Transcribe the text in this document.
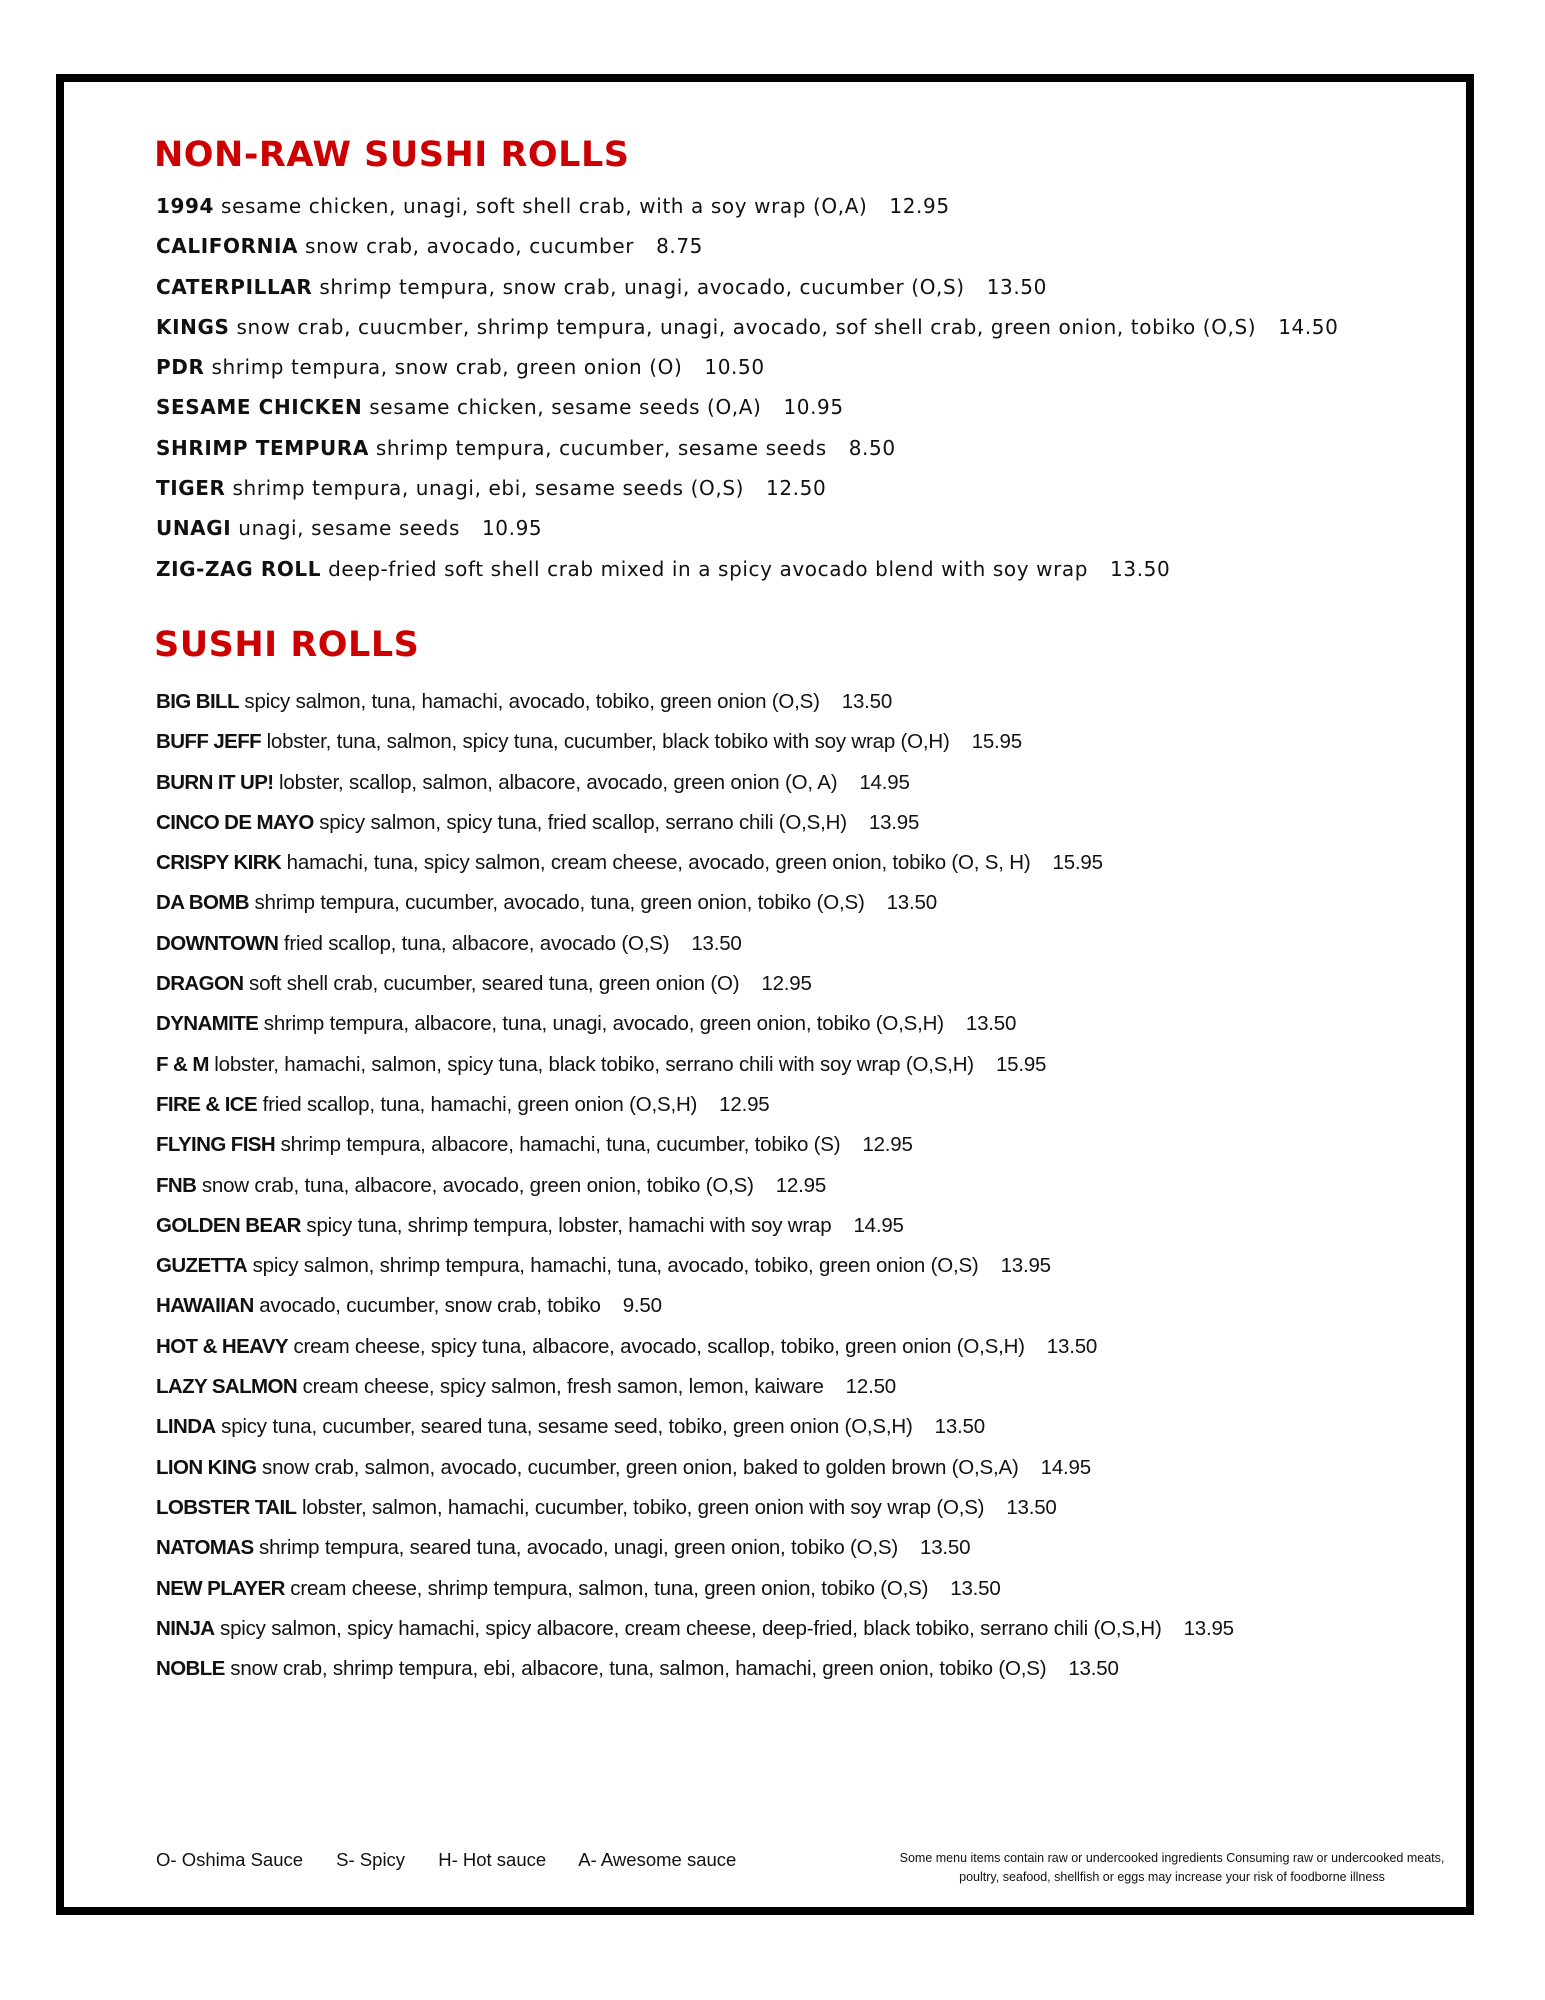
NON-RAW SUSHI ROLLS
1994 sesame chicken, unagi, soft shell crab, with a soy wrap (O,A) 12.95
CALIFORNIA snow crab, avocado, cucumber 8.75
CATERPILLAR shrimp tempura, snow crab, unagi, avocado, cucumber (O,S) 13.50
KINGS snow crab, cuucmber, shrimp tempura, unagi, avocado, sof shell crab, green onion, tobiko (O,S) 14.50
PDR shrimp tempura, snow crab, green onion (O) 10.50
SESAME CHICKEN sesame chicken, sesame seeds (O,A) 10.95
SHRIMP TEMPURA shrimp tempura, cucumber, sesame seeds 8.50
TIGER shrimp tempura, unagi, ebi, sesame seeds (O,S) 12.50
UNAGI unagi, sesame seeds 10.95
ZIG-ZAG ROLL deep-fried soft shell crab mixed in a spicy avocado blend with soy wrap 13.50
SUSHI ROLLS
BIG BILL spicy salmon, tuna, hamachi, avocado, tobiko, green onion (O,S) 13.50
BUFF JEFF lobster, tuna, salmon, spicy tuna, cucumber, black tobiko with soy wrap (O,H) 15.95
BURN IT UP! lobster, scallop, salmon, albacore, avocado, green onion (O, A) 14.95
CINCO DE MAYO spicy salmon, spicy tuna, fried scallop, serrano chili (O,S,H) 13.95
CRISPY KIRK hamachi, tuna, spicy salmon, cream cheese, avocado, green onion, tobiko (O, S, H) 15.95
DA BOMB shrimp tempura, cucumber, avocado, tuna, green onion, tobiko (O,S) 13.50
DOWNTOWN fried scallop, tuna, albacore, avocado (O,S) 13.50
DRAGON soft shell crab, cucumber, seared tuna, green onion (O) 12.95
DYNAMITE shrimp tempura, albacore, tuna, unagi, avocado, green onion, tobiko (O,S,H) 13.50
F & M lobster, hamachi, salmon, spicy tuna, black tobiko, serrano chili with soy wrap (O,S,H) 15.95
FIRE & ICE fried scallop, tuna, hamachi, green onion (O,S,H) 12.95
FLYING FISH shrimp tempura, albacore, hamachi, tuna, cucumber, tobiko (S) 12.95
FNB snow crab, tuna, albacore, avocado, green onion, tobiko (O,S) 12.95
GOLDEN BEAR spicy tuna, shrimp tempura, lobster, hamachi with soy wrap 14.95
GUZETTA spicy salmon, shrimp tempura, hamachi, tuna, avocado, tobiko, green onion (O,S) 13.95
HAWAIIAN avocado, cucumber, snow crab, tobiko 9.50
HOT & HEAVY cream cheese, spicy tuna, albacore, avocado, scallop, tobiko, green onion (O,S,H) 13.50
LAZY SALMON cream cheese, spicy salmon, fresh samon, lemon, kaiware 12.50
LINDA spicy tuna, cucumber, seared tuna, sesame seed, tobiko, green onion (O,S,H) 13.50
LION KING snow crab, salmon, avocado, cucumber, green onion, baked to golden brown (O,S,A) 14.95
LOBSTER TAIL lobster, salmon, hamachi, cucumber, tobiko, green onion with soy wrap (O,S) 13.50
NATOMAS shrimp tempura, seared tuna, avocado, unagi, green onion, tobiko (O,S) 13.50
NEW PLAYER cream cheese, shrimp tempura, salmon, tuna, green onion, tobiko (O,S) 13.50
NINJA spicy salmon, spicy hamachi, spicy albacore, cream cheese, deep-fried, black tobiko, serrano chili (O,S,H) 13.95
NOBLE snow crab, shrimp tempura, ebi, albacore, tuna, salmon, hamachi, green onion, tobiko (O,S) 13.50
O- Oshima Sauce S- Spicy H- Hot sauce A- Awesome sauce	Some menu items contain raw or undercooked ingredients Consuming raw or undercooked meats,
poultry, seafood, shellfish or eggs may increase your risk of foodborne illness
